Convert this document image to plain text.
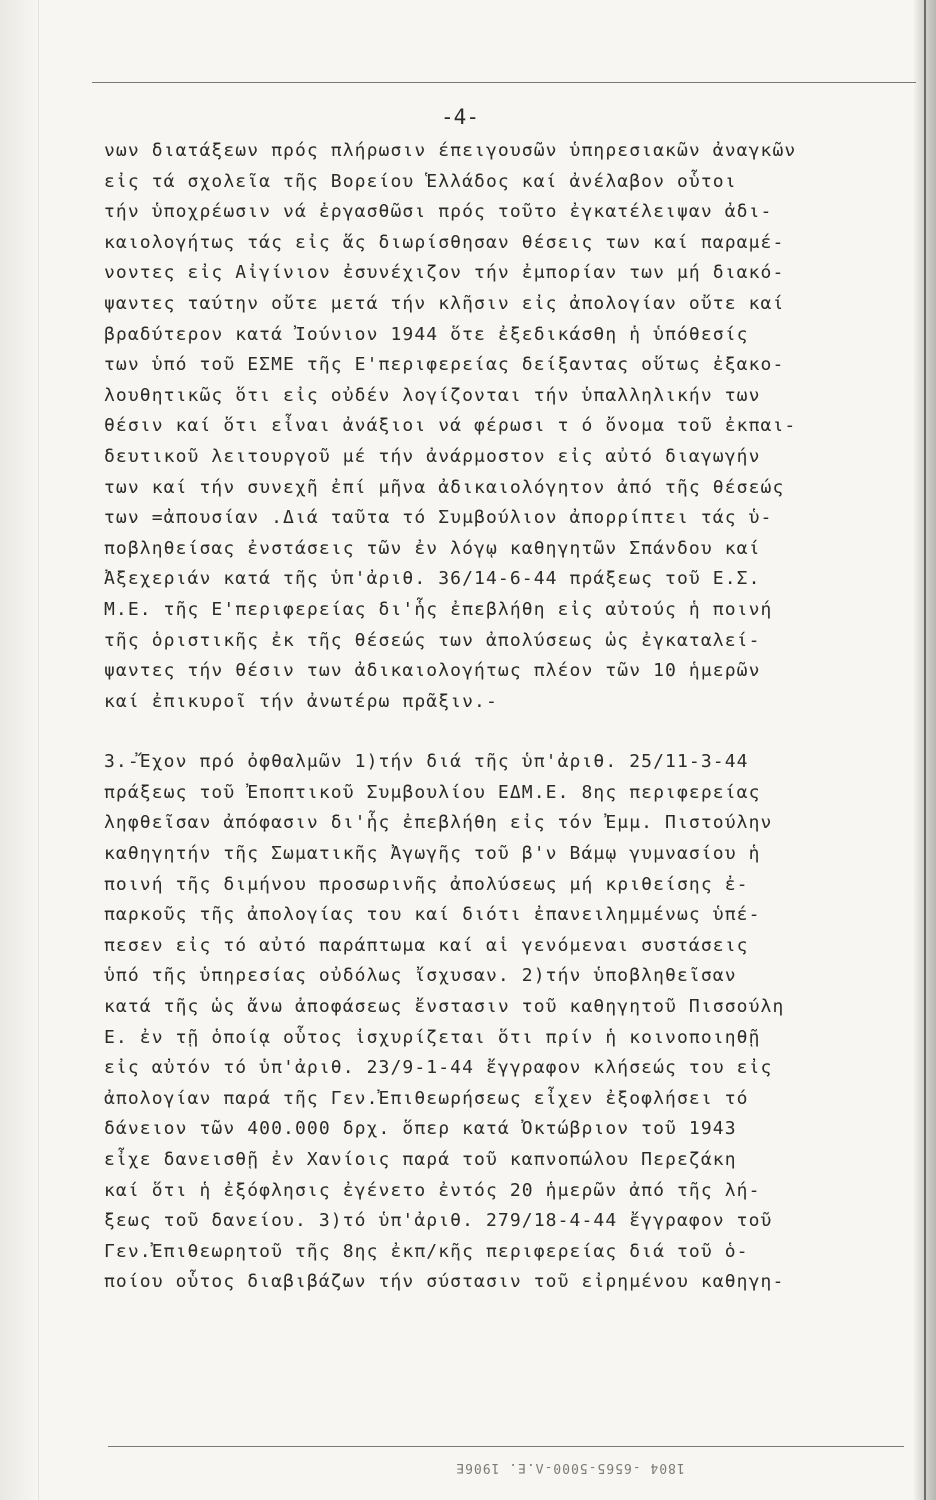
-4-
νων διατάξεων πρός πλήρωσιν έπειγουσῶν ὑπηρεσιακῶν ἀναγκῶν
εἰς τά σχολεῖα τῆς Βορείου Ἑλλάδος καί ἀνέλαβον οὗτοι
τήν ὑποχρέωσιν νά ἐργασθῶσι πρός τοῦτο ἐγκατέλειψαν ἀδι-
καιολογήτως τάς εἰς ἅς διωρίσθησαν θέσεις των καί παραμέ-
νοντες εἰς Αἰγίνιον ἐσυνέχιζον τήν ἐμπορίαν των μή διακό-
ψαντες ταύτην οὔτε μετά τήν κλῆσιν εἰς ἀπολογίαν οὔτε καί
βραδύτερον κατά Ἰούνιον 1944 ὅτε ἐξεδικάσθη ἡ ὑπόθεσίς
των ὑπό τοῦ ΕΣΜΕ τῆς Ε'περιφερείας δείξαντας οὕτως ἐξακο-
λουθητικῶς ὅτι εἰς οὐδέν λογίζονται τήν ὑπαλληλικήν των
θέσιν καί ὅτι εἶναι ἀνάξιοι νά φέρωσι τ ό ὄνομα τοῦ ἐκπαι-
δευτικοῦ λειτουργοῦ μέ τήν ἀνάρμοστον εἰς αὐτό διαγωγήν
των καί τήν συνεχῆ ἐπί μῆνα ἀδικαιολόγητον ἀπό τῆς θέσεώς
των =ἀπουσίαν .Διά ταῦτα τό Συμβούλιον ἀπορρίπτει τάς ὑ-
ποβληθείσας ἐνστάσεις τῶν ἐν λόγῳ καθηγητῶν Σπάνδου καί
Ἀξεχεριάν κατά τῆς ὑπ'ἀριθ. 36/14-6-44 πράξεως τοῦ Ε.Σ.
Μ.Ε. τῆς Ε'περιφερείας δι'ἧς ἐπεβλήθη εἰς αὐτούς ἡ ποινή
τῆς ὁριστικῆς ἐκ τῆς θέσεώς των ἀπολύσεως ὡς ἐγκαταλεί-
ψαντες τήν θέσιν των ἀδικαιολογήτως πλέον τῶν 10 ἡμερῶν
καί ἐπικυροῖ τήν ἀνωτέρω πρᾶξιν.-
3.-Ἔχον πρό ὀφθαλμῶν 1)τήν διά τῆς ὑπ'ἀριθ. 25/11-3-44
πράξεως τοῦ Ἐποπτικοῦ Συμβουλίου ΕΔΜ.Ε. 8ης περιφερείας
ληφθεῖσαν ἀπόφασιν δι'ἧς ἐπεβλήθη εἰς τόν Ἐμμ. Πιστούλην
καθηγητήν τῆς Σωματικῆς Ἀγωγῆς τοῦ β'ν Βάμῳ γυμνασίου ἡ
ποινή τῆς διμήνου προσωρινῆς ἀπολύσεως μή κριθείσης ἐ-
παρκοῦς τῆς ἀπολογίας του καί διότι ἐπανειλημμένως ὑπέ-
πεσεν εἰς τό αὐτό παράπτωμα καί αἱ γενόμεναι συστάσεις
ὑπό τῆς ὑπηρεσίας οὐδόλως ἴσχυσαν. 2)τήν ὑποβληθεῖσαν
κατά τῆς ὡς ἄνω ἀποφάσεως ἔνστασιν τοῦ καθηγητοῦ Πισσούλη
Ε. ἐν τῇ ὁποίᾳ οὗτος ἰσχυρίζεται ὅτι πρίν ἡ κοινοποιηθῇ
εἰς αὐτόν τό ὑπ'ἀριθ. 23/9-1-44 ἔγγραφον κλήσεώς του εἰς
ἀπολογίαν παρά τῆς Γεν.Ἐπιθεωρήσεως εἶχεν ἐξοφλήσει τό
δάνειον τῶν 400.000 δρχ. ὅπερ κατά Ὀκτώβριον τοῦ 1943
εἶχε δανεισθῇ ἐν Χανίοις παρά τοῦ καπνοπώλου Περεζάκη
καί ὅτι ἡ ἐξόφλησις ἐγένετο ἐντός 20 ἡμερῶν ἀπό τῆς λή-
ξεως τοῦ δανείου. 3)τό ὑπ'ἀριθ. 279/18-4-44 ἔγγραφον τοῦ
Γεν.Ἐπιθεωρητοῦ τῆς 8ης ἐκπ/κῆς περιφερείας διά τοῦ ὁ-
ποίου οὗτος διαβιβάζων τήν σύστασιν τοῦ εἰρημένου καθηγη-
1804 -6565-5000-Λ.Ε. 1906Ε
